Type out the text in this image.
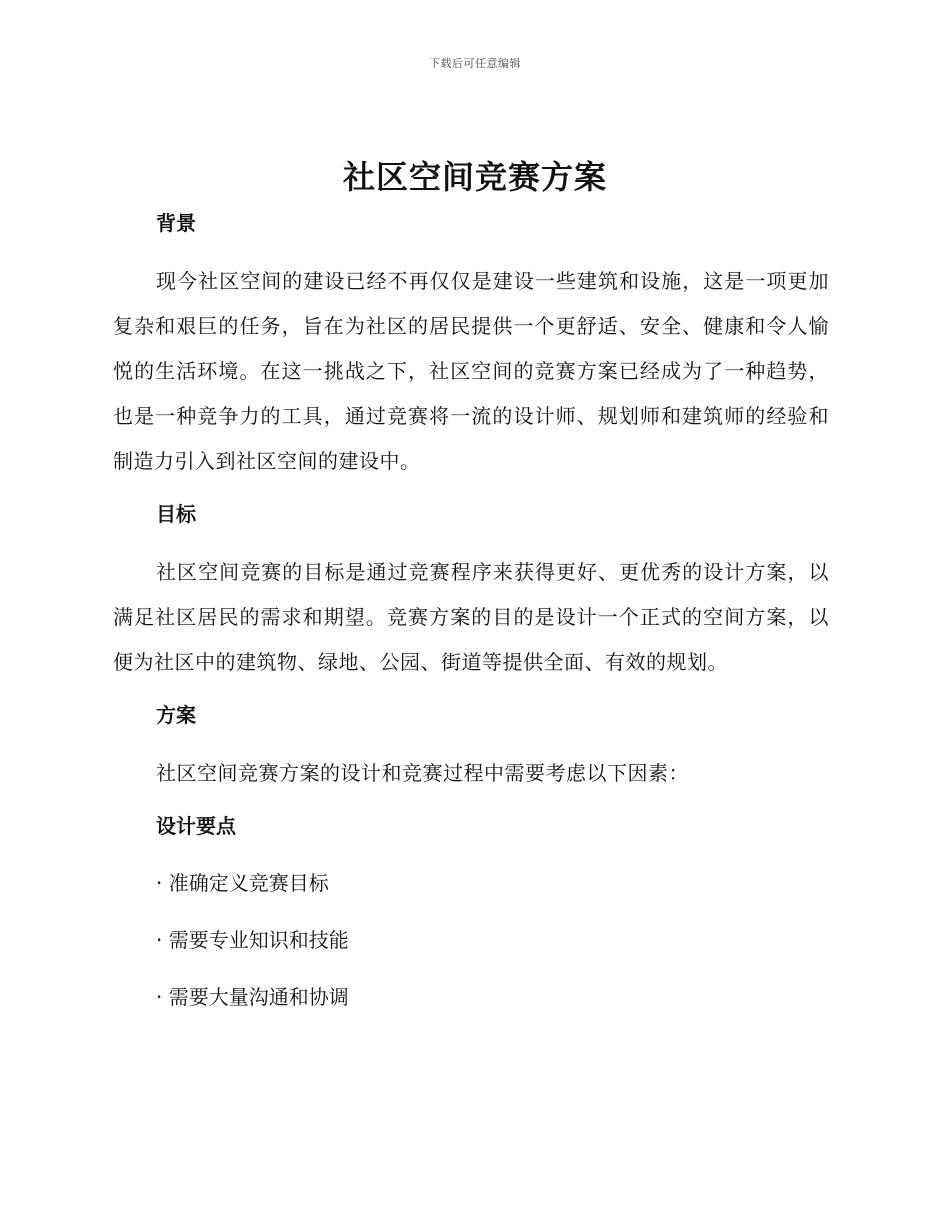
下载后可任意编辑
社区空间竞赛方案
背景

现今社区空间的建设已经不再仅仅是建设一些建筑和设施，这是一项更加复杂和艰巨的任务，旨在为社区的居民提供一个更舒适、安全、健康和令人愉悦的生活环境。在这一挑战之下，社区空间的竞赛方案已经成为了一种趋势，也是一种竞争力的工具，通过竞赛将一流的设计师、规划师和建筑师的经验和制造力引入到社区空间的建设中。

目标

社区空间竞赛的目标是通过竞赛程序来获得更好、更优秀的设计方案，以满足社区居民的需求和期望。竞赛方案的目的是设计一个正式的空间方案，以便为社区中的建筑物、绿地、公园、街道等提供全面、有效的规划。

方案

社区空间竞赛方案的设计和竞赛过程中需要考虑以下因素：

设计要点

· 准确定义竞赛目标

· 需要专业知识和技能

· 需要大量沟通和协调
